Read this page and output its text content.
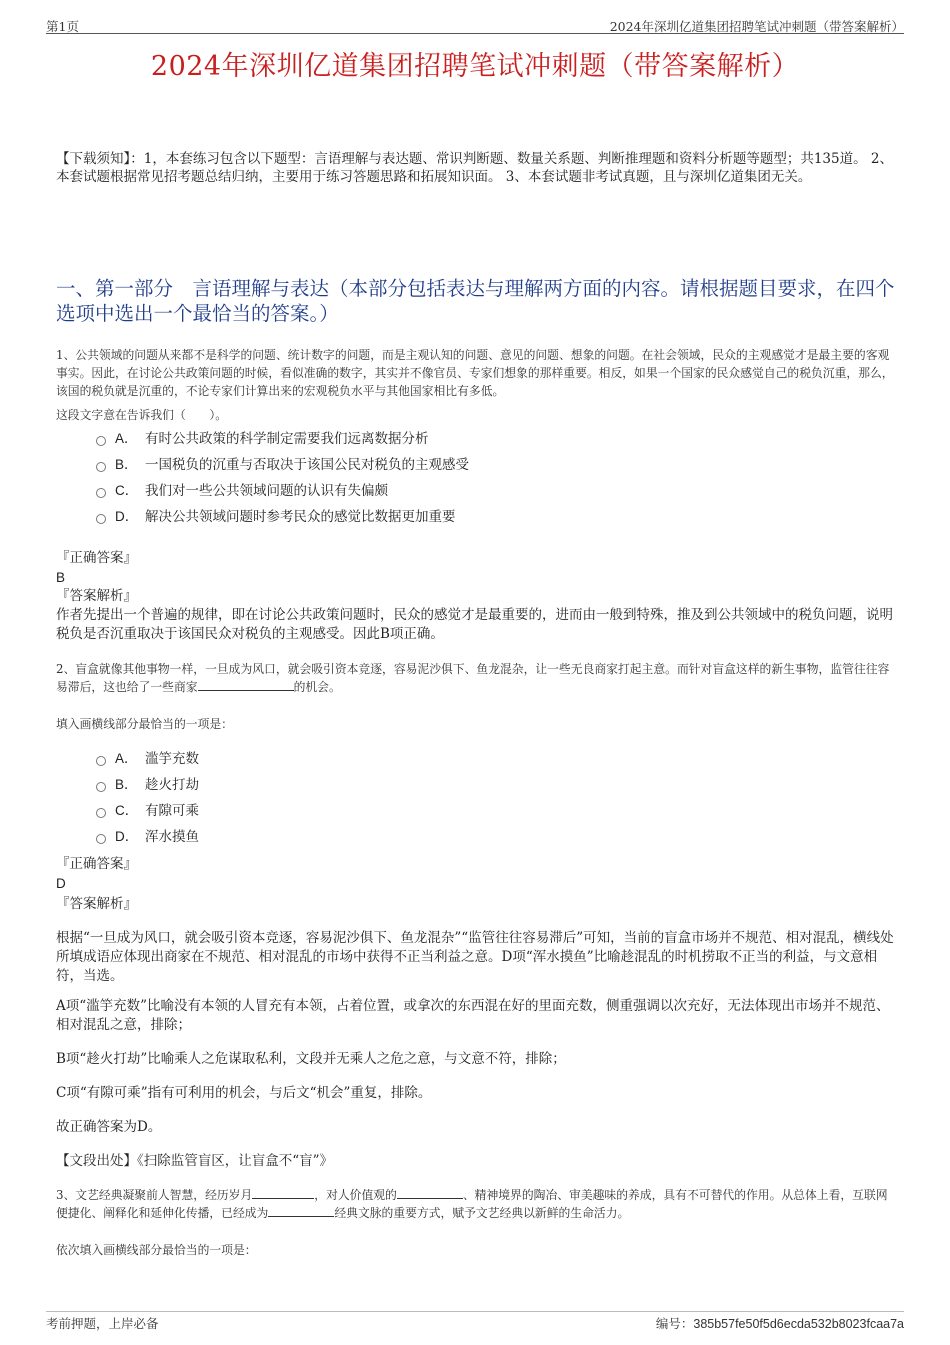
第1页	2024年深圳亿道集团招聘笔试冲刺题（带答案解析）
2024年深圳亿道集团招聘笔试冲刺题（带答案解析）
【下载须知】：1，本套练习包含以下题型：言语理解与表达题、常识判断题、数量关系题、判断推理题和资料分析题等题型；共135道。 2、本套试题根据常见招考题总结归纳，主要用于练习答题思路和拓展知识面。 3、本套试题非考试真题，且与深圳亿道集团无关。
一、第一部分　言语理解与表达（本部分包括表达与理解两方面的内容。请根据题目要求，在四个选项中选出一个最恰当的答案。）
1、公共领域的问题从来都不是科学的问题、统计数字的问题，而是主观认知的问题、意见的问题、想象的问题。在社会领域，民众的主观感觉才是最主要的客观事实。因此，在讨论公共政策问题的时候，看似准确的数字，其实并不像官员、专家们想象的那样重要。相反，如果一个国家的民众感觉自己的税负沉重，那么，该国的税负就是沉重的，不论专家们计算出来的宏观税负水平与其他国家相比有多低。
这段文字意在告诉我们（　　）。
A． 有时公共政策的科学制定需要我们远离数据分析
B． 一国税负的沉重与否取决于该国公民对税负的主观感受
C． 我们对一些公共领域问题的认识有失偏颇
D． 解决公共领域问题时参考民众的感觉比数据更加重要
『正确答案』
B
『答案解析』
作者先提出一个普遍的规律，即在讨论公共政策问题时，民众的感觉才是最重要的，进而由一般到特殊，推及到公共领域中的税负问题，说明税负是否沉重取决于该国民众对税负的主观感受。因此B项正确。
2、盲盒就像其他事物一样，一旦成为风口，就会吸引资本竞逐，容易泥沙俱下、鱼龙混杂，让一些无良商家打起主意。而针对盲盒这样的新生事物，监管往往容易滞后，这也给了一些商家	的机会。
填入画横线部分最恰当的一项是：
A． 滥竽充数
B． 趁火打劫
C． 有隙可乘
D． 浑水摸鱼
『正确答案』
D
『答案解析』
根据“一旦成为风口，就会吸引资本竞逐，容易泥沙俱下、鱼龙混杂”“监管往往容易滞后”可知，当前的盲盒市场并不规范、相对混乱，横线处所填成语应体现出商家在不规范、相对混乱的市场中获得不正当利益之意。D项“浑水摸鱼”比喻趁混乱的时机捞取不正当的利益，与文意相符，当选。
A项“滥竽充数”比喻没有本领的人冒充有本领，占着位置，或拿次的东西混在好的里面充数，侧重强调以次充好，无法体现出市场并不规范、相对混乱之意，排除；
B项“趁火打劫”比喻乘人之危谋取私利，文段并无乘人之危之意，与文意不符，排除；
C项“有隙可乘”指有可利用的机会，与后文“机会”重复，排除。
故正确答案为D。
【文段出处】《扫除监管盲区，让盲盒不“盲”》
3、文艺经典凝聚前人智慧，经历岁月	，对人价值观的	、精神境界的陶冶、审美趣味的养成，具有不可替代的作用。从总体上看，互联网便捷化、阐释化和延伸化传播，已经成为	经典文脉的重要方式，赋予文艺经典以新鲜的生命活力。
依次填入画横线部分最恰当的一项是：
考前押题，上岸必备	编号：385b57fe50f5d6ecda532b8023fcaa7a
